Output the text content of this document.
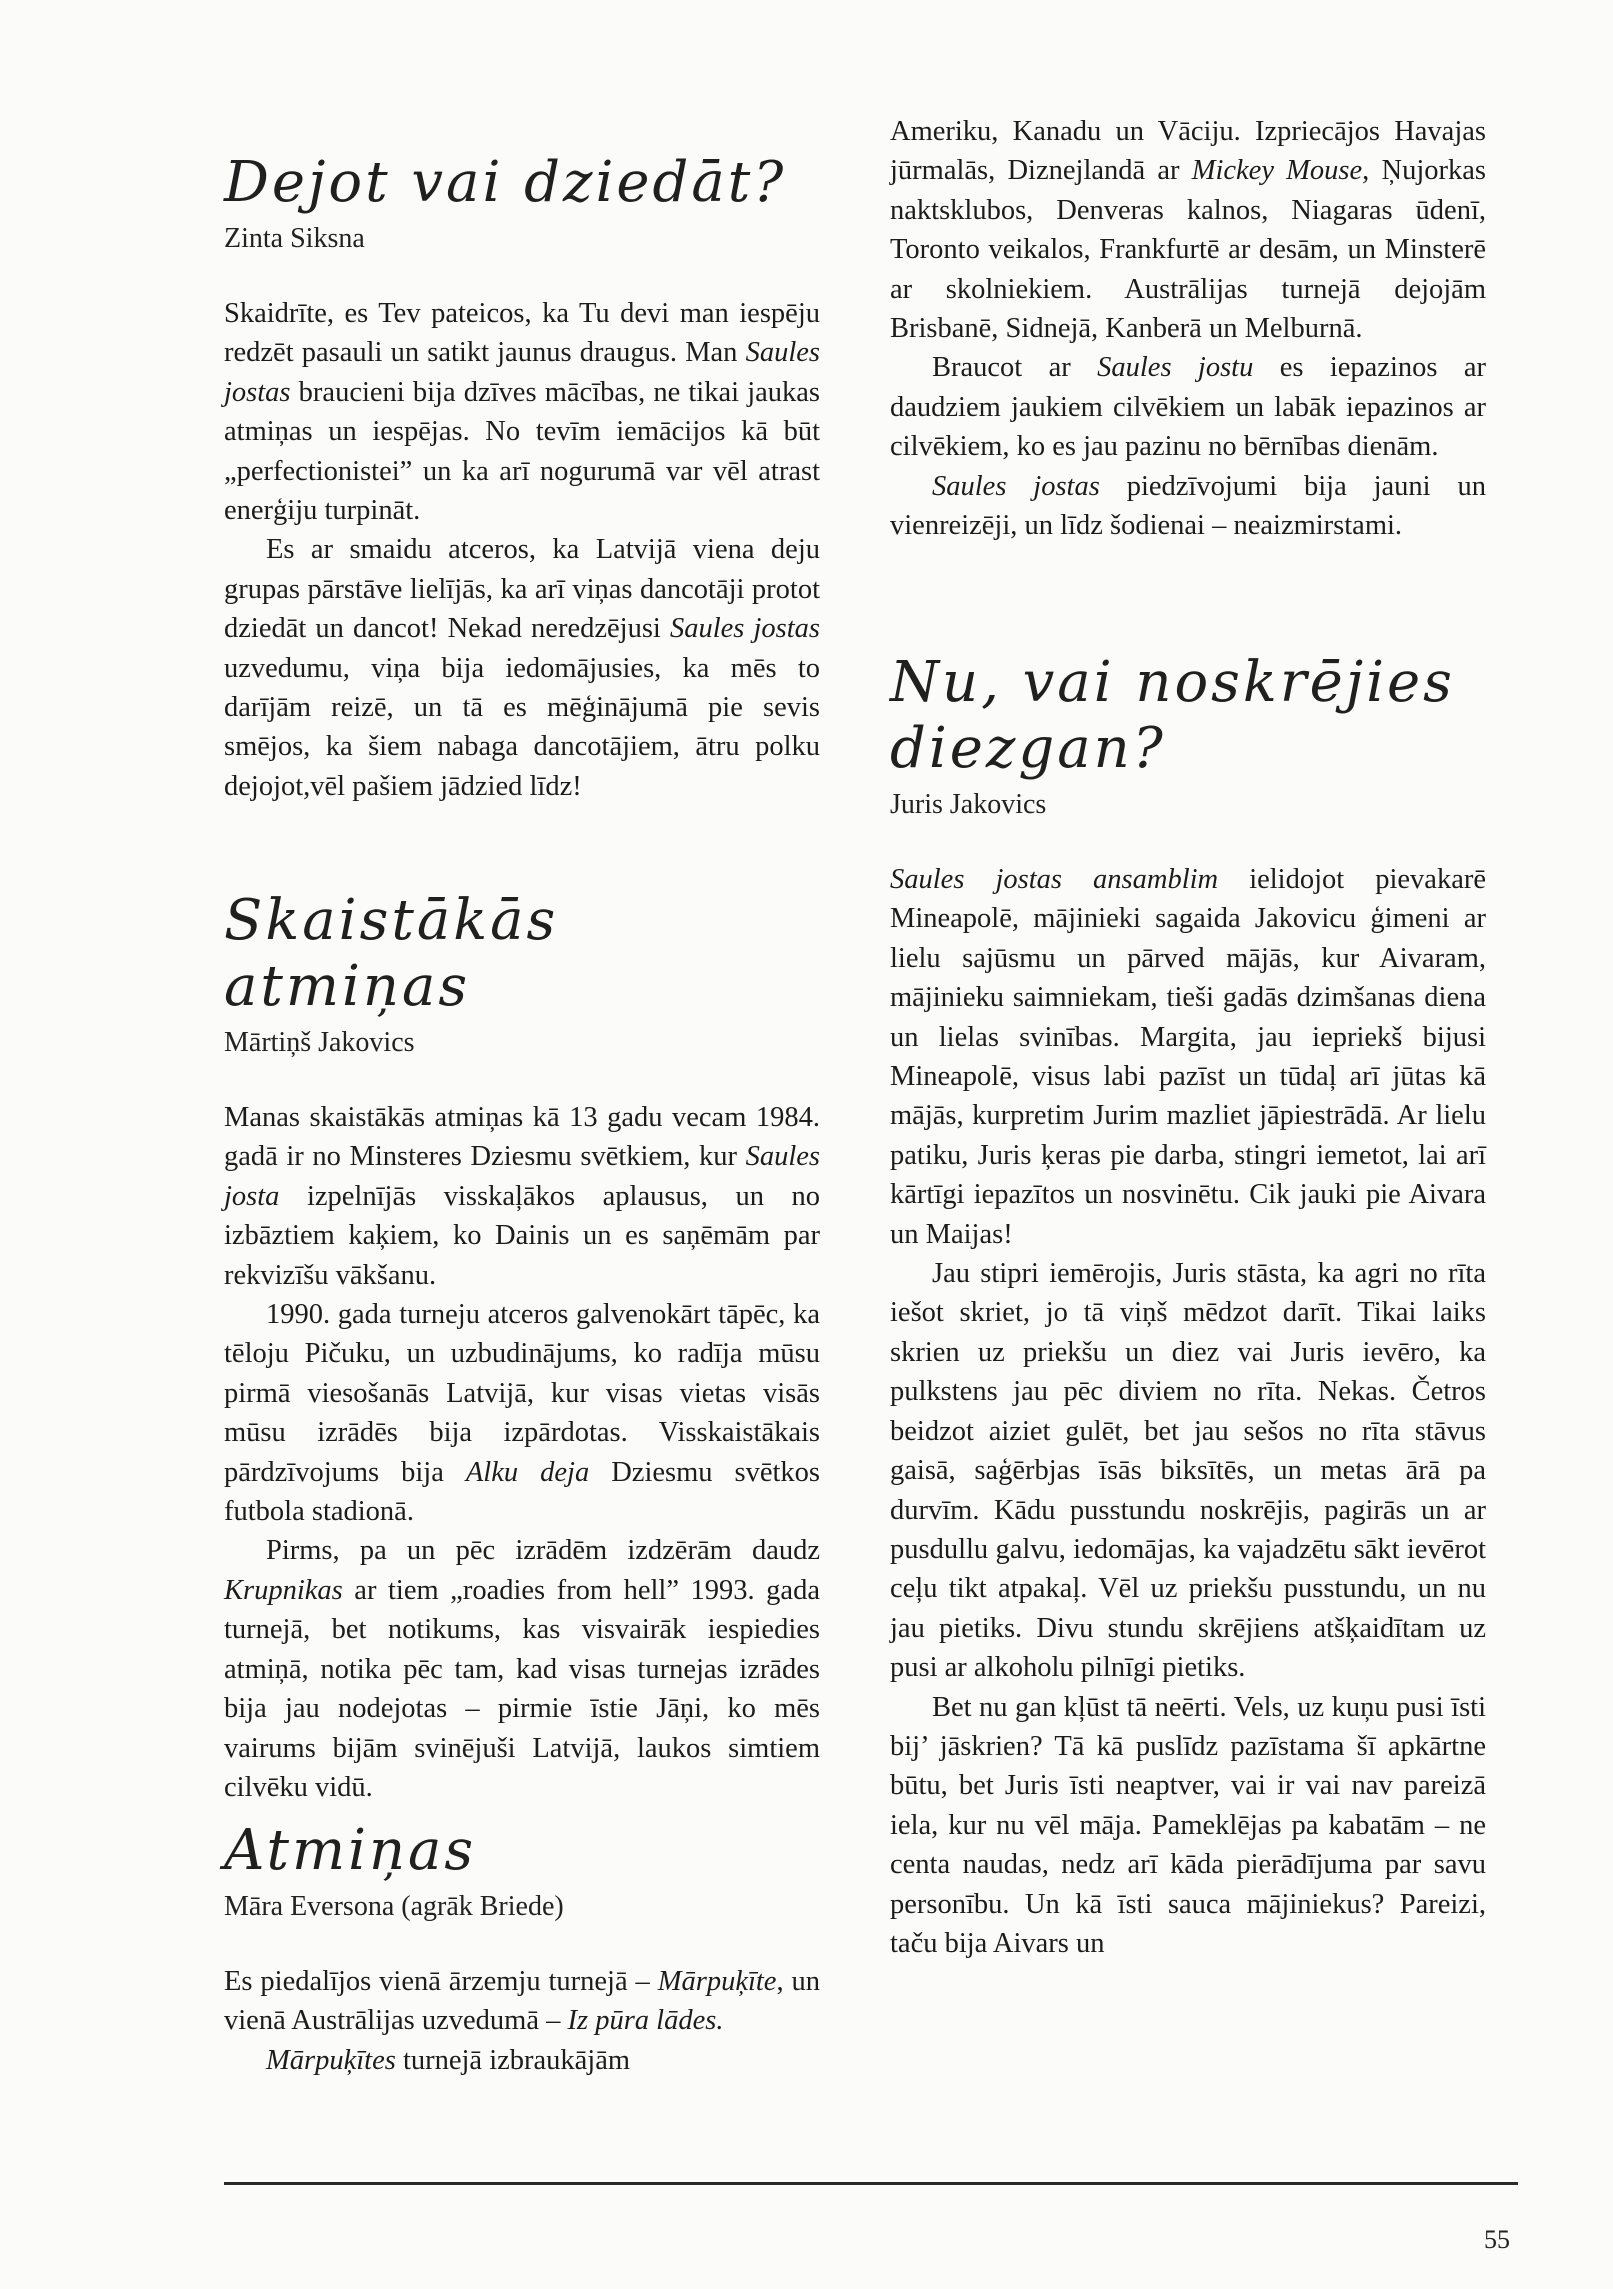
Dejot vai dziedāt?
Zinta Siksna

Skaidrīte, es Tev pateicos, ka Tu devi man iespēju redzēt pasauli un satikt jaunus draugus. Man Saules jostas braucieni bija dzīves mācības, ne tikai jaukas atmiņas un iespējas. No tevīm iemācijos kā būt „perfectionistei” un ka arī nogurumā var vēl atrast enerģiju turpināt.

Es ar smaidu atceros, ka Latvijā viena deju grupas pārstāve lielījās, ka arī viņas dancotāji protot dziedāt un dancot! Nekad neredzējusi Saules jostas uzvedumu, viņa bija iedomājusies, ka mēs to darījām reizē, un tā es mēģinājumā pie sevis smējos, ka šiem nabaga dancotājiem, ātru polku dejojot,vēl pašiem jādzied līdz!

Skaistākās atmiņas
Mārtiņš Jakovics

Manas skaistākās atmiņas kā 13 gadu vecam 1984. gadā ir no Minsteres Dziesmu svētkiem, kur Saules josta izpelnījās visskaļākos aplausus, un no izbāztiem kaķiem, ko Dainis un es saņēmām par rekvizīšu vākšanu.

1990. gada turneju atceros galvenokārt tāpēc, ka tēloju Pičuku, un uzbudinājums, ko radīja mūsu pirmā viesošanās Latvijā, kur visas vietas visās mūsu izrādēs bija izpārdotas. Visskaistākais pārdzīvojums bija Alku deja Dziesmu svētkos futbola stadionā.

Pirms, pa un pēc izrādēm izdzērām daudz Krupnikas ar tiem „roadies from hell” 1993. gada turnejā, bet notikums, kas visvairāk iespiedies atmiņā, notika pēc tam, kad visas turnejas izrādes bija jau nodejotas – pirmie īstie Jāņi, ko mēs vairums bijām svinējuši Latvijā, laukos simtiem cilvēku vidū.

Atmiņas
Māra Eversona (agrāk Briede)

Es piedalījos vienā ārzemju turnejā – Mārpuķīte, un vienā Austrālijas uzvedumā – Iz pūra lādes.

Mārpuķītes turnejā izbraukājām

Ameriku, Kanadu un Vāciju. Izpriecājos Havajas jūrmalās, Diznejlandā ar Mickey Mouse, Ņujorkas naktsklubos, Denveras kalnos, Niagaras ūdenī, Toronto veikalos, Frankfurtē ar desām, un Minsterē ar skolniekiem. Austrālijas turnejā dejojām Brisbanē, Sidnejā, Kanberā un Melburnā.

Braucot ar Saules jostu es iepazinos ar daudziem jaukiem cilvēkiem un labāk iepazinos ar cilvēkiem, ko es jau pazinu no bērnības dienām.

Saules jostas piedzīvojumi bija jauni un vienreizēji, un līdz šodienai – neaizmirstami.

Nu, vai noskrējies
diezgan?
Juris Jakovics

Saules jostas ansamblim ielidojot pievakarē Mineapolē, mājinieki sagaida Jakovicu ģimeni ar lielu sajūsmu un pārved mājās, kur Aivaram, mājinieku saimniekam, tieši gadās dzimšanas diena un lielas svinības. Margita, jau iepriekš bijusi Mineapolē, visus labi pazīst un tūdaļ arī jūtas kā mājās, kurpretim Jurim mazliet jāpiestrādā. Ar lielu patiku, Juris ķeras pie darba, stingri iemetot, lai arī kārtīgi iepazītos un nosvinētu. Cik jauki pie Aivara un Maijas!

Jau stipri iemērojis, Juris stāsta, ka agri no rīta iešot skriet, jo tā viņš mēdzot darīt. Tikai laiks skrien uz priekšu un diez vai Juris ievēro, ka pulkstens jau pēc diviem no rīta. Nekas. Četros beidzot aiziet gulēt, bet jau sešos no rīta stāvus gaisā, saģērbjas īsās biksītēs, un metas ārā pa durvīm. Kādu pusstundu noskrējis, pagirās un ar pusdullu galvu, iedomājas, ka vajadzētu sākt ievērot ceļu tikt atpakaļ. Vēl uz priekšu pusstundu, un nu jau pietiks. Divu stundu skrējiens atšķaidītam uz pusi ar alkoholu pilnīgi pietiks.

Bet nu gan kļūst tā neērti. Vels, uz kuņu pusi īsti bij’ jāskrien? Tā kā puslīdz pazīstama šī apkārtne būtu, bet Juris īsti neaptver, vai ir vai nav pareizā iela, kur nu vēl māja. Pameklējas pa kabatām – ne centa naudas, nedz arī kāda pierādījuma par savu personību. Un kā īsti sauca mājiniekus? Pareizi, taču bija Aivars un

55
